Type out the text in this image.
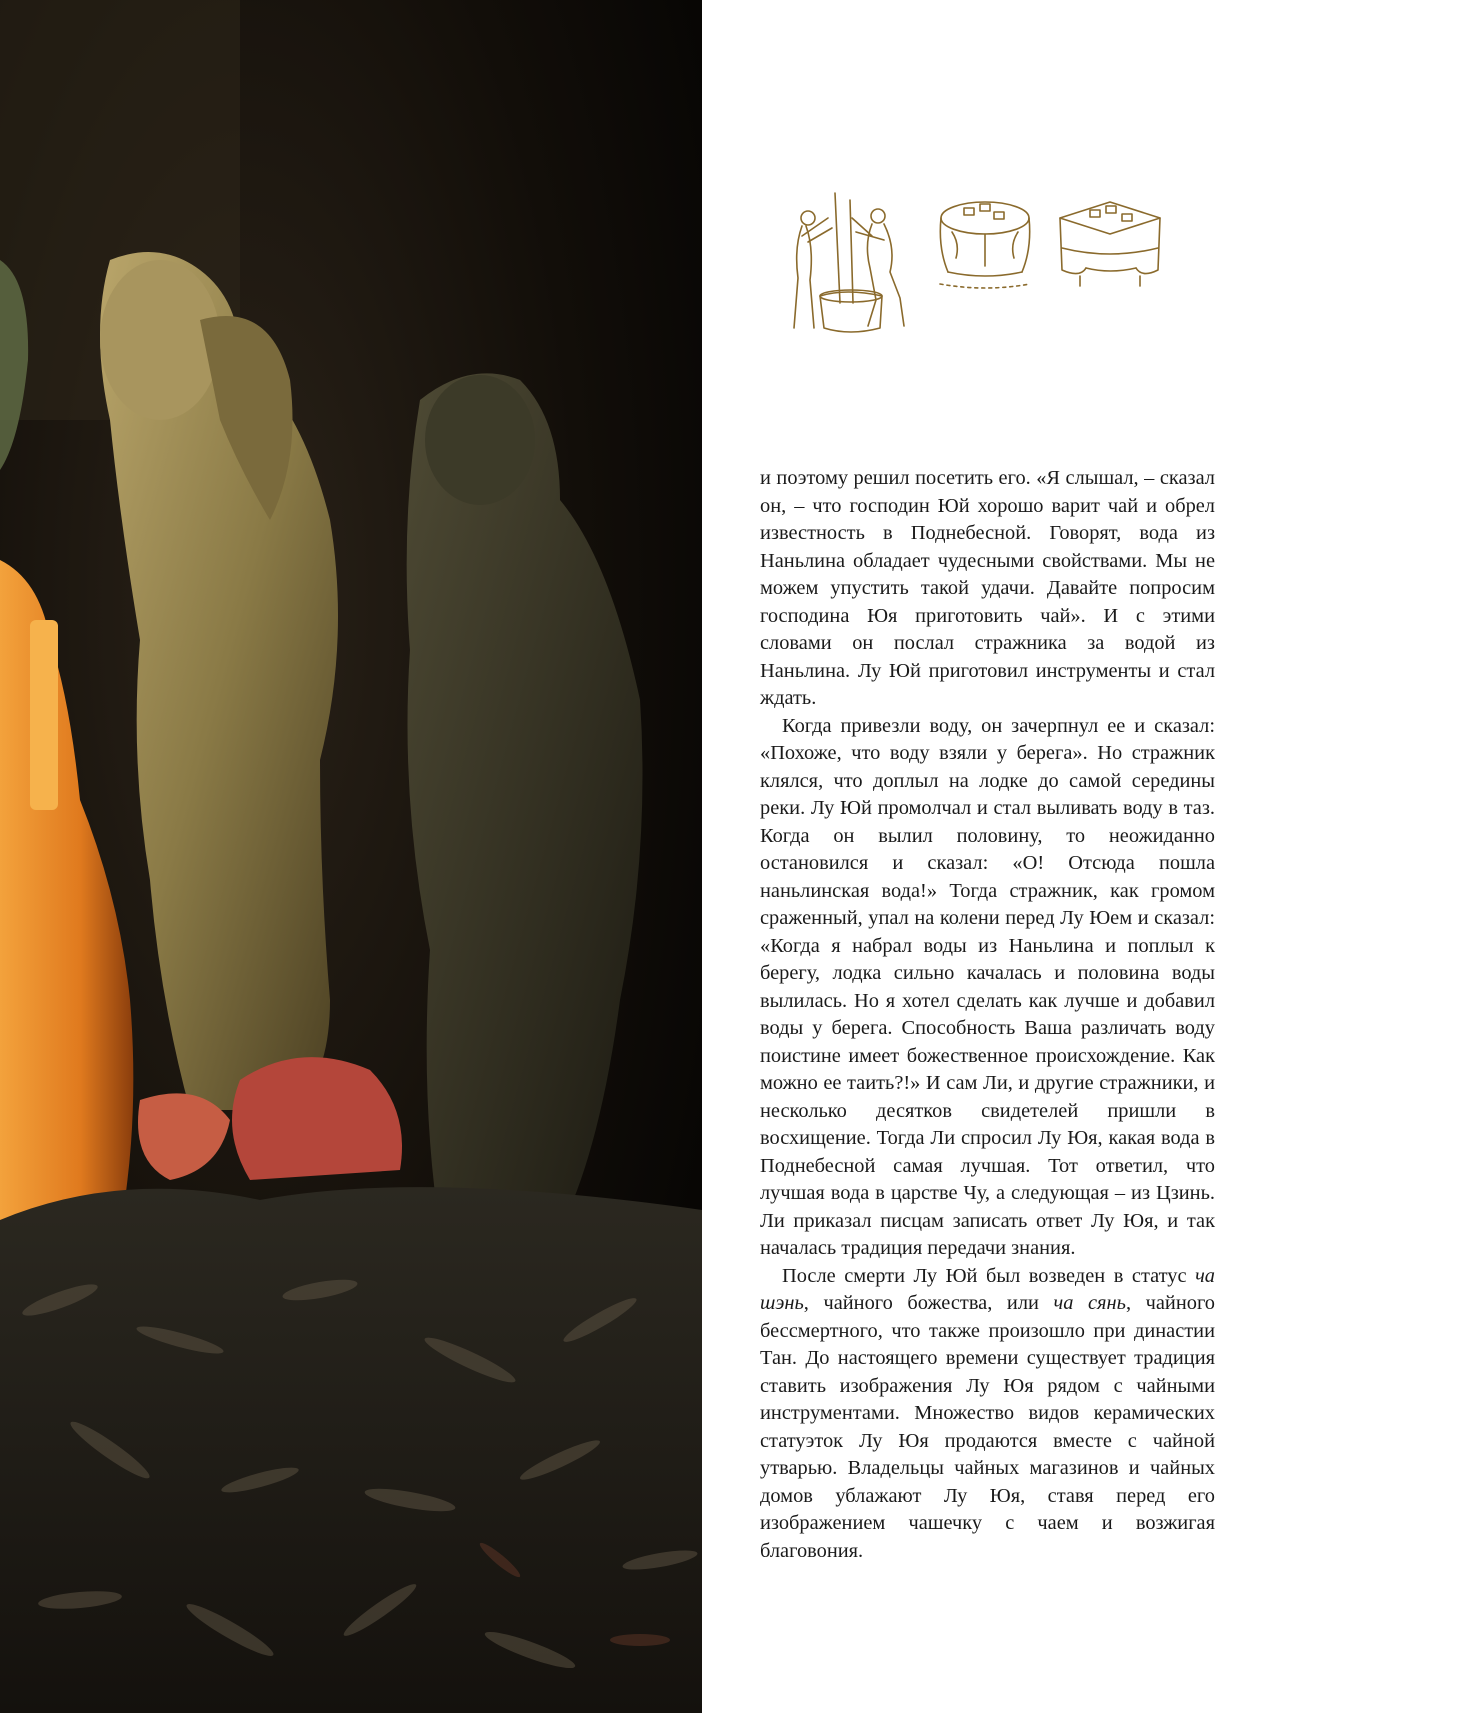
и поэтому решил посетить его. «Я слышал, – сказал он, – что господин Юй хорошо варит чай и обрел известность в Поднебесной. Говорят, вода из Наньлина обладает чудесными свойствами. Мы не можем упустить такой удачи. Давайте попросим господина Юя приготовить чай». И с этими словами он послал стражника за водой из Наньлина. Лу Юй приготовил инструменты и стал ждать.

Когда привезли воду, он зачерпнул ее и сказал: «Похоже, что воду взяли у берега». Но стражник клялся, что доплыл на лодке до самой середины реки. Лу Юй промолчал и стал выливать воду в таз. Когда он вылил половину, то неожиданно остановился и сказал: «О! Отсюда пошла наньлинская вода!» Тогда стражник, как громом сраженный, упал на колени перед Лу Юем и сказал: «Когда я набрал воды из Наньлина и поплыл к берегу, лодка сильно качалась и половина воды вылилась. Но я хотел сделать как лучше и добавил воды у берега. Способность Ваша различать воду поистине имеет божественное происхождение. Как можно ее таить?!» И сам Ли, и другие стражники, и несколько десятков свидетелей пришли в восхищение. Тогда Ли спросил Лу Юя, какая вода в Поднебесной самая лучшая. Тот ответил, что лучшая вода в царстве Чу, а следующая – из Цзинь. Ли приказал писцам записать ответ Лу Юя, и так началась традиция передачи знания.

После смерти Лу Юй был возведен в статус ча шэнь, чайного божества, или ча сянь, чайного бессмертного, что также произошло при династии Тан. До настоящего времени существует традиция ставить изображения Лу Юя рядом с чайными инструментами. Множество видов керамических статуэток Лу Юя продаются вместе с чайной утварью. Владельцы чайных магазинов и чайных домов ублажают Лу Юя, ставя перед его изображением чашечку с чаем и возжигая благовония.
